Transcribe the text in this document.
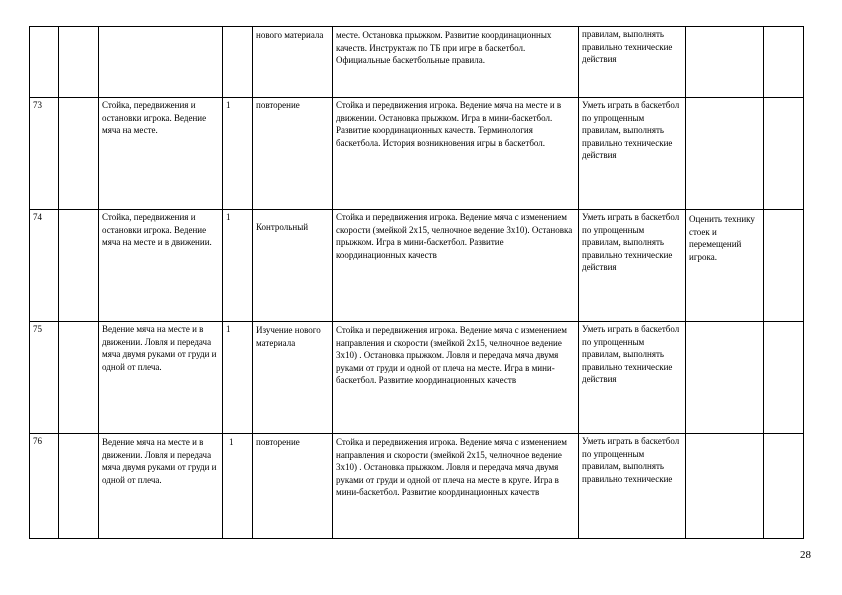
				нового материала	месте. Остановка прыжком. Развитие координационных качеств. Инструктаж по ТБ при игре в баскетбол. Официальные баскетбольные правила.	правилам, выполнять правильно технические действия		
73		Стойка, передвижения и остановки игрока. Ведение мяча на месте.	1	повторение	Стойка и передвижения игрока. Ведение мяча на месте и в движении. Остановка прыжком. Игра в мини-баскетбол. Развитие координационных качеств. Терминология баскетбола. История возникновения игры в баскетбол.	Уметь играть в баскетбол по упрощенным правилам, выполнять правильно технические действия		
74		Стойка, передвижения и остановки игрока. Ведение мяча на месте и в движении.	1	Контрольный	Стойка и передвижения игрока. Ведение мяча с изменением скорости (змейкой 2х15, челночное ведение 3х10). Остановка прыжком. Игра в мини-баскетбол. Развитие координационных качеств	Уметь играть в баскетбол по упрощенным правилам, выполнять правильно технические действия	Оценить технику стоек и перемещений игрока.	
75		Ведение мяча на месте и в движении. Ловля и передача мяча двумя руками от груди и одной от плеча.	1	Изучение нового материала	Стойка и передвижения игрока. Ведение мяча с изменением направления и скорости (змейкой 2х15, челночное ведение 3х10) . Остановка прыжком. Ловля и передача мяча двумя руками от груди и одной от плеча на месте. Игра в мини-баскетбол. Развитие координационных качеств	Уметь играть в баскетбол по упрощенным правилам, выполнять правильно технические действия		
76		Ведение мяча на месте и в движении. Ловля и передача мяча двумя руками от груди и одной от плеча.	1	повторение	Стойка и передвижения игрока. Ведение мяча с изменением направления и скорости (змейкой 2х15, челночное ведение 3х10) . Остановка прыжком. Ловля и передача мяча двумя руками от груди и одной от плеча на месте в круге. Игра в мини-баскетбол. Развитие координационных качеств	Уметь играть в баскетбол по упрощенным правилам, выполнять правильно технические		
28
